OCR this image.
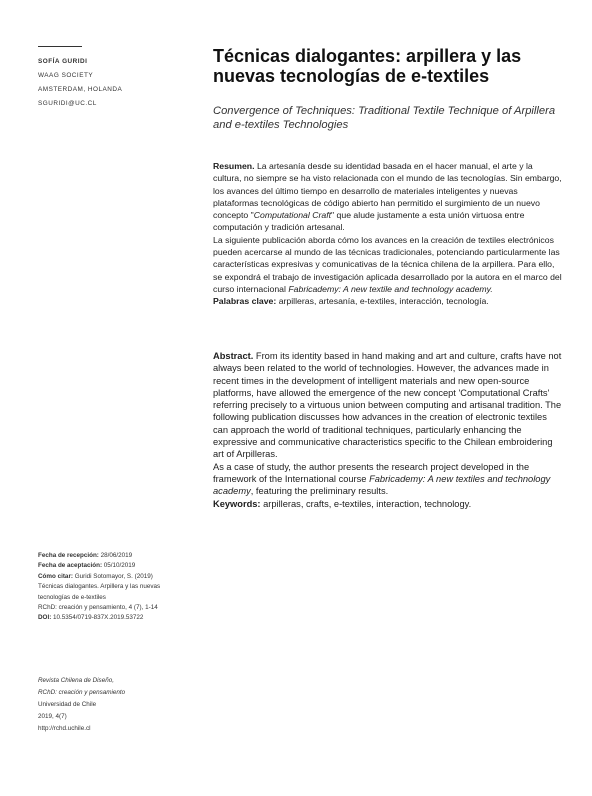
SOFÍA GURIDI
WAAG SOCIETY
AMSTERDAM, HOLANDA
SGURIDI@UC.CL
Técnicas dialogantes: arpillera y las nuevas tecnologías de e-textiles

Convergence of Techniques: Traditional Textile Technique of Arpillera and e-textiles Technologies

Resumen. La artesanía desde su identidad basada en el hacer manual, el arte y la cultura, no siempre se ha visto relacionada con el mundo de las tecnologías. Sin embargo, los avances del último tiempo en desarrollo de materiales inteligentes y nuevas plataformas tecnológicas de código abierto han permitido el surgimiento de un nuevo concepto "Computational Craft" que alude justamente a esta unión virtuosa entre computación y tradición artesanal.

La siguiente publicación aborda cómo los avances en la creación de textiles electrónicos pueden acercarse al mundo de las técnicas tradicionales, potenciando particularmente las características expresivas y comunicativas de la técnica chilena de la arpillera. Para ello, se expondrá el trabajo de investigación aplicada desarrollado por la autora en el marco del curso internacional Fabricademy: A new textile and technology academy.

Palabras clave: arpilleras, artesanía, e-textiles, interacción, tecnología.

Abstract. From its identity based in hand making and art and culture, crafts have not always been related to the world of technologies. However, the advances made in recent times in the development of intelligent materials and new open-source platforms, have allowed the emergence of the new concept 'Computational Crafts' referring precisely to a virtuous union between computing and artisanal tradition. The following publication discusses how advances in the creation of electronic textiles can approach the world of traditional techniques, particularly enhancing the expressive and communicative characteristics specific to the Chilean embroidering art of Arpilleras.

As a case of study, the author presents the research project developed in the framework of the International course Fabricademy: A new textiles and technology academy, featuring the preliminary results.

Keywords: arpilleras, crafts, e-textiles, interaction, technology.

Fecha de recepción: 28/06/2019
Fecha de aceptación: 05/10/2019
Cómo citar: Guridi Sotomayor, S. (2019)
Técnicas dialogantes. Arpillera y las nuevas
tecnologías de e-textiles
RChD: creación y pensamiento, 4 (7), 1-14
DOI: 10.5354/0719-837X.2019.53722
Revista Chilena de Diseño,
RChD: creación y pensamiento
Universidad de Chile
2019, 4(7)
http://rchd.uchile.cl
